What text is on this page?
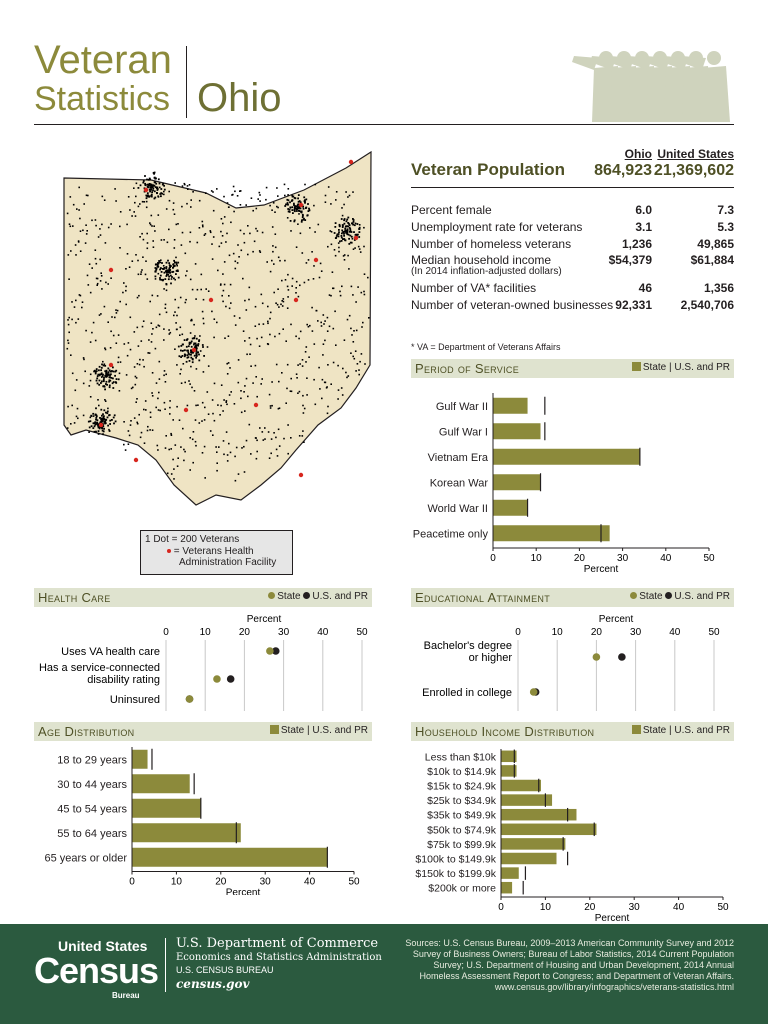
Veteran
Statistics Ohio
1 Dot = 200 Veterans
= Veterans Health
Administration Facility
Ohio United States
Veteran Population	864,923 21,369,602
Percent female	6.0	7.3
Unemployment rate for veterans	3.1	5.3
Number of homeless veterans	1,236	49,865
Median household income
(In 2014 inflation-adjusted dollars)
$54,379	$61,884
Number of VA* facilities	46	1,356
Number of veteran-owned businesses 92,331 2,540,706
* VA = Department of Veterans Affairs
Period of Service	State | U.S. and PR
Gulf War II
Gulf War I
Vietnam Era
Korean War
World War II
Peacetime only
0	10	20	30	40	50
Percent
Health Care	State U.S. and PR
Percent
0	10	20	30	40	50
Uses VA health care
Has a service-connected
disability rating
Uninsured
Educational Attainment	State U.S. and PR
Percent
0	10	20	30	40	50
Bachelor's degree
or higher
Enrolled in college
Age Distribution	State | U.S. and PR
18 to 29 years
30 to 44 years
45 to 54 years
55 to 64 years
65 years or older
0	10	20	30	40	50
Percent
Household Income Distribution	State | U.S. and PR
Less than $10k
$10k to $14.9k
$15k to $24.9k
$25k to $34.9k
$35k to $49.9k
$50k to $74.9k
$75k to $99.9k
$100k to $149.9k
$150k to $199.9k
$200k or more
0	10	20	30	40	50
Percent
United States
Census
Bureau
U.S. Department of Commerce
Economics and Statistics Administration
U.S. CENSUS BUREAU
census.gov
Sources: U.S. Census Bureau, 2009–2013 American Community Survey and 2012 Survey of Business Owners; Bureau of Labor Statistics, 2014 Current Population Survey; U.S. Department of Housing and Urban Development, 2014 Annual Homeless Assessment Report to Congress; and Department of Veteran Affairs. www.census.gov/library/infographics/veterans-statistics.html
